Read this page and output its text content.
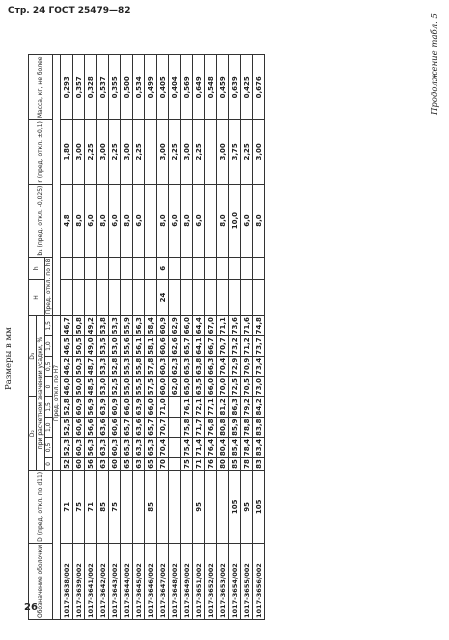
Стр. 24 ГОСТ 25479—82
26
Размеры в мм
Обозначение оболочки	D (пред. откл. по d11)	D₂				D₃				H	h	b₁ (пред. откл. -0,025)	r (пред. откл. ±0,1)	Масса, кг, не более
		при расчетном значении усадки, %												
		0	0,5	1,0	1,5	0	0,5	1,0	1,5	Пред. откл. по h8				
		Пред. откл. по H7												
1017-3638/002	71	52	52,3	52,5	52,8	46,0	46,2	46,5	46,7			4,8	1,80	0,293
1017-3639/002	75	60	60,3	60,6	60,9	50,0	50,3	50,5	50,8			8,0	3,00	0,357
1017-3641/002	71	56	56,3	56,6	56,9	48,5	48,7	49,0	49,2			6,0	2,25	0,328
1017-3642/002	85	63	63,3	63,6	63,9	53,0	53,3	53,5	53,8			8,0	3,00	0,537
1017-3643/002	75	60	60,3	60,6	60,9	52,5	52,8	53,0	53,3			6,0	2,25	0,355
1017-3644/002		65	65,3	65,7	66,0	55,0	55,3	55,6	55,9			8,0	3,00	0,500
1017-3645/002		63	63,3	63,6	63,9	55,5	55,8	56,1	56,3			6,0	2,25	0,534
1017-3646/002	85	65	65,3	65,7	66,0	57,5	57,8	58,1	58,4					0,499
1017-3647/002		70	70,4	70,7	71,0	60,0	60,3	60,6	60,9	24	6	8,0	3,00	0,405
1017-3648/002						62,0	62,3	62,6	62,9			6,0	2,25	0,404
1017-3649/002		75	75,4	75,8	76,1	65,0	65,3	65,7	66,0			8,0	3,00	0,569
1017-3651/002	95	71	71,4	71,7	72,1	63,5	63,8	64,1	64,4			6,0	2,25	0,649
1017-3652/002		76	76,4	76,8	77,1	66,0	66,3	66,7	67,0					0,548
1017-3653/002		80	80,4	80,8	81,2	70,0	70,4	70,7	71,1			8,0	3,00	0,459
1017-3654/002	105	85	85,4	85,9	86,3	72,5	72,9	73,2	73,6			10,0	3,75	0,639
1017-3655/002	95	78	78,4	78,8	79,2	70,5	70,9	71,2	71,6			6,0	2,25	0,425
1017-3656/002	105	83	83,4	83,8	84,2	73,0	73,4	73,7	74,8			8,0	3,00	0,676	Продолжение табл. 5
